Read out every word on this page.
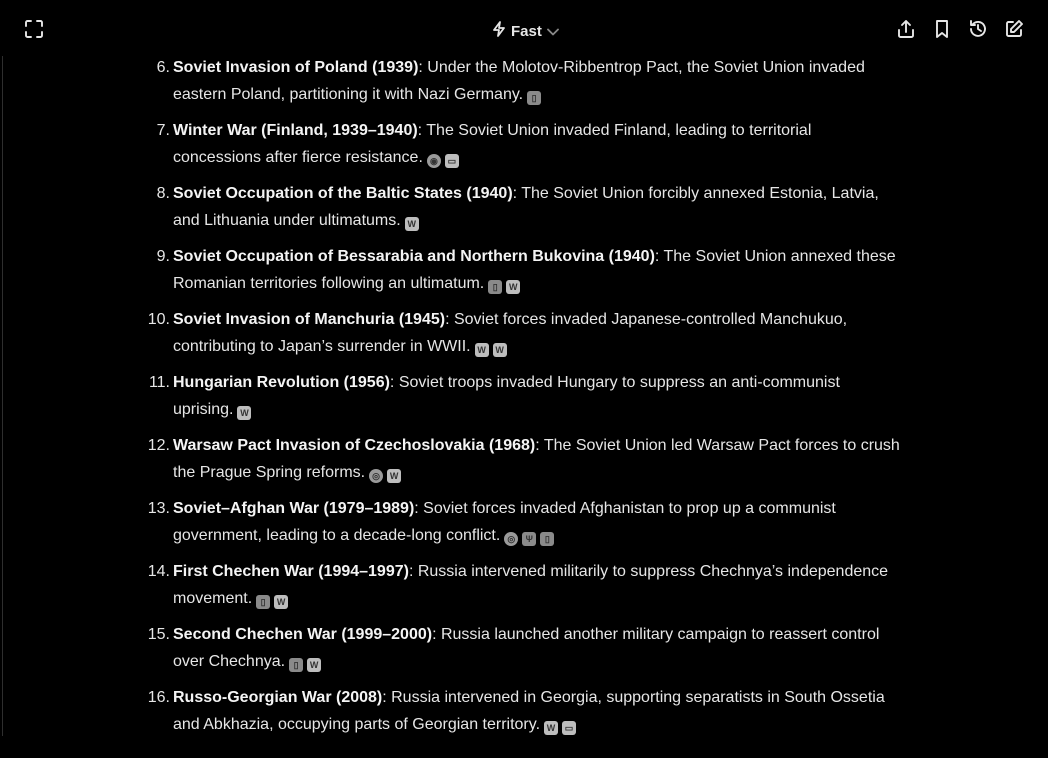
Fast
6. Soviet Invasion of Poland (1939): Under the Molotov-Ribbentrop Pact, the Soviet Union invaded eastern Poland, partitioning it with Nazi Germany. ▯
7. Winter War (Finland, 1939–1940): The Soviet Union invaded Finland, leading to territorial concessions after fierce resistance. ◉ ▭
8. Soviet Occupation of the Baltic States (1940): The Soviet Union forcibly annexed Estonia, Latvia, and Lithuania under ultimatums. W
9. Soviet Occupation of Bessarabia and Northern Bukovina (1940): The Soviet Union annexed these Romanian territories following an ultimatum. ▯ W
10. Soviet Invasion of Manchuria (1945): Soviet forces invaded Japanese-controlled Manchukuo, contributing to Japan’s surrender in WWII. W W
11. Hungarian Revolution (1956): Soviet troops invaded Hungary to suppress an anti-communist uprising. W
12. Warsaw Pact Invasion of Czechoslovakia (1968): The Soviet Union led Warsaw Pact forces to crush the Prague Spring reforms. ◎ W
13. Soviet–Afghan War (1979–1989): Soviet forces invaded Afghanistan to prop up a communist government, leading to a decade-long conflict. ◎ Ψ ▯
14. First Chechen War (1994–1997): Russia intervened militarily to suppress Chechnya’s independence movement. ▯ W
15. Second Chechen War (1999–2000): Russia launched another military campaign to reassert control over Chechnya. ▯ W
16. Russo-Georgian War (2008): Russia intervened in Georgia, supporting separatists in South Ossetia and Abkhazia, occupying parts of Georgian territory. W ▭
